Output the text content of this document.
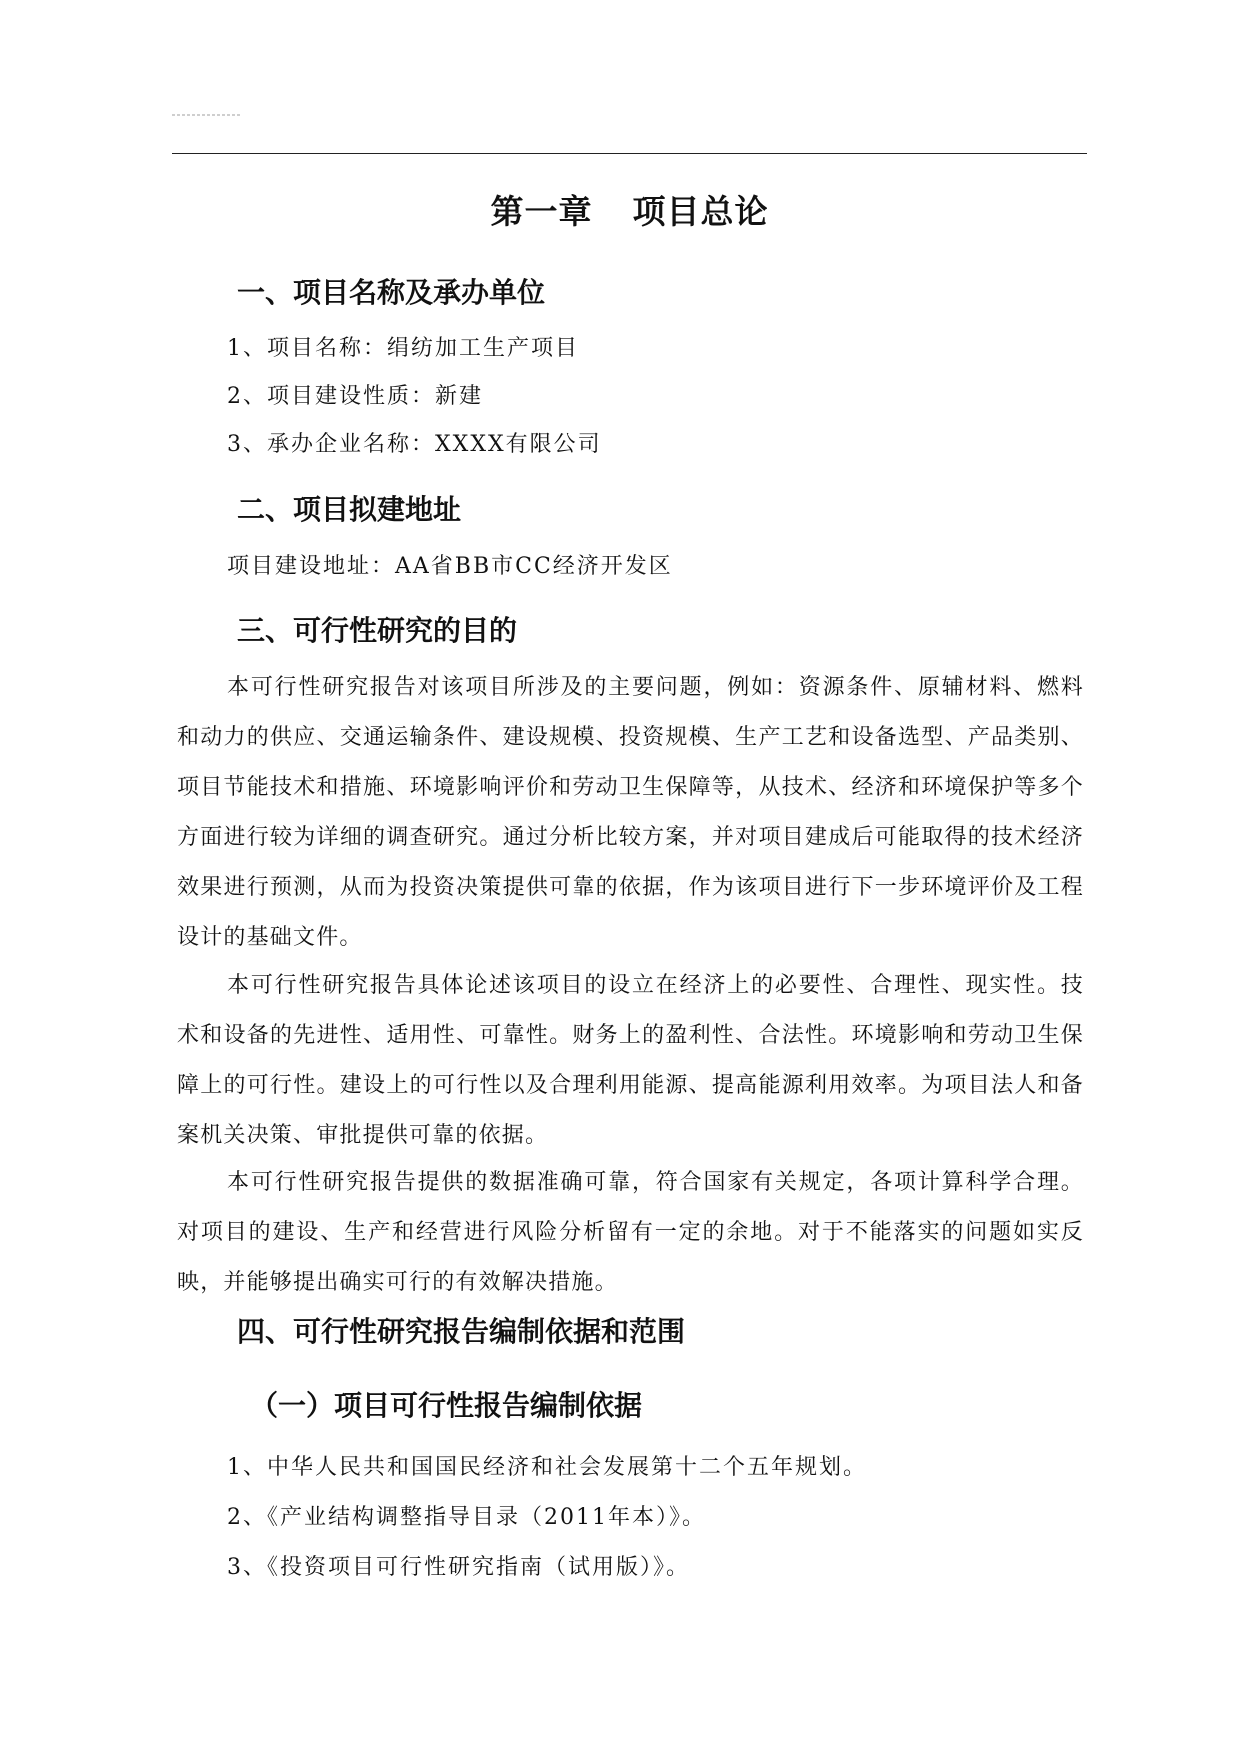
第一章 项目总论
一、项目名称及承办单位
1、项目名称：绢纺加工生产项目
2、项目建设性质：新建
3、承办企业名称：XXXX有限公司
二、项目拟建地址
项目建设地址：AA省BB市CC经济开发区
三、可行性研究的目的
本可行性研究报告对该项目所涉及的主要问题，例如：资源条件、原辅材料、燃料和动力的供应、交通运输条件、建设规模、投资规模、生产工艺和设备选型、产品类别、项目节能技术和措施、环境影响评价和劳动卫生保障等，从技术、经济和环境保护等多个方面进行较为详细的调查研究。通过分析比较方案，并对项目建成后可能取得的技术经济效果进行预测，从而为投资决策提供可靠的依据，作为该项目进行下一步环境评价及工程设计的基础文件。
本可行性研究报告具体论述该项目的设立在经济上的必要性、合理性、现实性。技术和设备的先进性、适用性、可靠性。财务上的盈利性、合法性。环境影响和劳动卫生保障上的可行性。建设上的可行性以及合理利用能源、提高能源利用效率。为项目法人和备案机关决策、审批提供可靠的依据。
本可行性研究报告提供的数据准确可靠，符合国家有关规定，各项计算科学合理。对项目的建设、生产和经营进行风险分析留有一定的余地。对于不能落实的问题如实反映，并能够提出确实可行的有效解决措施。
四、可行性研究报告编制依据和范围
（一）项目可行性报告编制依据
1、中华人民共和国国民经济和社会发展第十二个五年规划。
2、《产业结构调整指导目录（2011年本）》。
3、《投资项目可行性研究指南（试用版）》。
